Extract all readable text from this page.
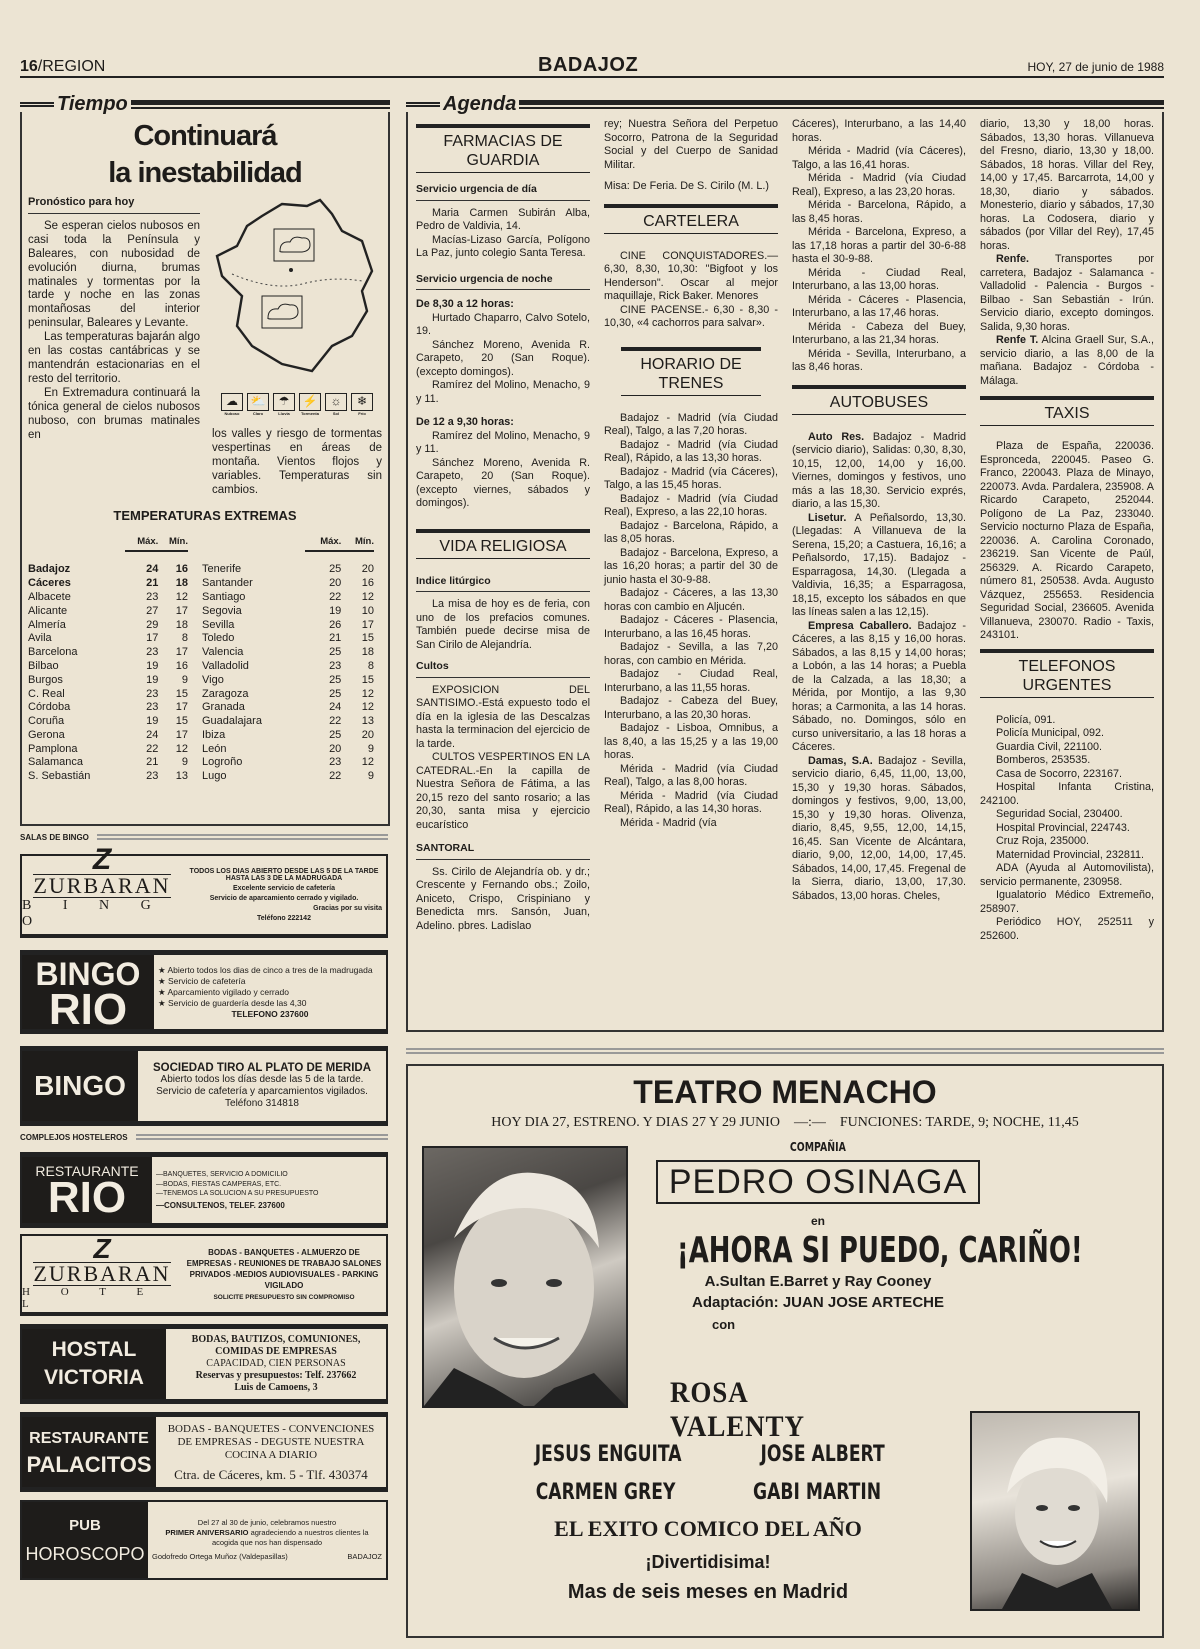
16/REGION	BADAJOZ	HOY, 27 de junio de 1988
Tiempo
Continuará
la inestabilidad
Pronóstico para hoy

Se esperan cielos nubosos en casi toda la Península y Baleares, con nubosidad de evolución diurna, brumas matinales y tormentas por la tarde y noche en las zonas montañosas del interior peninsular, Baleares y Levante.

Las temperaturas bajarán algo en las costas cantábricas y se mantendrán estacionarias en el resto del territorio.

En Extremadura continuará la tónica general de cielos nubosos nuboso, con brumas matinales en

☁	⛅	☂	⚡	☼	❄
Nuboso	Claro	Lluvia	Tormenta	Sol	Frío
los valles y riesgo de tormentas vespertinas en áreas de montaña. Vientos flojos y variables. Temperaturas sin cambios.
TEMPERATURAS EXTREMAS
	Máx.	Mín.

Badajoz	24	16
Cáceres	21	18
Albacete	23	12
Alicante	27	17
Almería	29	18
Avila	17	8
Barcelona	23	17
Bilbao	19	16
Burgos	19	9
C. Real	23	15
Córdoba	23	17
Coruña	19	15
Gerona	24	17
Pamplona	22	12
Salamanca	21	9
S. Sebastián	23	13
	Máx.	Mín.

Tenerife	25	20
Santander	20	16
Santiago	22	12
Segovia	19	10
Sevilla	26	17
Toledo	21	15
Valencia	25	18
Valladolid	23	8
Vigo	25	15
Zaragoza	25	12
Granada	24	12
Guadalajara	22	13
Ibiza	25	20
León	20	9
Logroño	23	12
Lugo	22	9
SALAS DE BINGO
Z
ZURBARAN
B I N G O
TODOS LOS DIAS ABIERTO DESDE LAS 5 DE LA TARDE HASTA LAS 3 DE LA MADRUGADA
Excelente servicio de cafetería
Servicio de aparcamiento cerrado y vigilado.
Gracias por su visita
Teléfono 222142
BINGO
RIO
★ Abierto todos los dias de cinco a tres de la madrugada
★ Servicio de cafetería
★ Aparcamiento vigilado y cerrado
★ Servicio de guardería desde las 4,30
TELEFONO 237600
BINGO
SOCIEDAD TIRO AL PLATO DE MERIDA
Abierto todos los días desde las 5 de la tarde.
Servicio de cafetería y aparcamientos vigilados. Teléfono 314818
COMPLEJOS HOSTELEROS
RESTAURANTE
RIO	—BANQUETES, SERVICIO A DOMICILIO
—BODAS, FIESTAS CAMPERAS, ETC.
—TENEMOS LA SOLUCION A SU PRESUPUESTO
—CONSULTENOS, TELEF. 237600
Z
ZURBARAN
H O T E L
BODAS - BANQUETES - ALMUERZO DE EMPRESAS - REUNIONES DE TRABAJO SALONES PRIVADOS -MEDIOS AUDIOVISUALES - PARKING VIGILADO
SOLICITE PRESUPUESTO SIN COMPROMISO
HOSTAL
VICTORIA
BODAS, BAUTIZOS, COMUNIONES, COMIDAS DE EMPRESAS
CAPACIDAD, CIEN PERSONAS
Reservas y presupuestos: Telf. 237662
Luis de Camoens, 3
RESTAURANTE
PALACITOS
BODAS - BANQUETES - CONVENCIONES DE EMPRESAS - DEGUSTE NUESTRA COCINA A DIARIO
Ctra. de Cáceres, km. 5 - Tlf. 430374
PUB
HOROSCOPO
Del 27 al 30 de junio, celebramos nuestro
PRIMER ANIVERSARIO agradeciendo a nuestros clientes la acogida que nos han dispensado
Godofredo Ortega Muñoz (Valdepasillas)	BADAJOZ
Agenda
FARMACIAS DE GUARDIA
Servicio urgencia de día

Maria Carmen Subirán Alba, Pedro de Valdivia, 14.

Macías-Lizaso García, Polígono La Paz, junto colegio Santa Teresa.

Servicio urgencia de noche
De 8,30 a 12 horas:

Hurtado Chaparro, Calvo Sotelo, 19.

Sánchez Moreno, Avenida R. Carapeto, 20 (San Roque). (excepto domingos).

Ramírez del Molino, Menacho, 9 y 11.

De 12 a 9,30 horas:

Ramírez del Molino, Menacho, 9 y 11.

Sánchez Moreno, Avenida R. Carapeto, 20 (San Roque). (excepto viernes, sábados y domingos).

VIDA RELIGIOSA
Indice litúrgico

La misa de hoy es de feria, con uno de los prefacios comunes. También puede decirse misa de San Cirilo de Alejandría.

Cultos

EXPOSICION DEL SANTISIMO.-Está expuesto todo el día en la iglesia de las Descalzas hasta la terminacion del ejercicio de la tarde.

CULTOS VESPERTINOS EN LA CATEDRAL.-En la capilla de Nuestra Señora de Fátima, a las 20,15 rezo del santo rosario; a las 20,30, santa misa y ejercicio eucarístico

SANTORAL

Ss. Cirilo de Alejandría ob. y dr.; Crescente y Fernando obs.; Zoilo, Aniceto, Crispo, Crispiniano y Benedicta mrs. Sansón, Juan, Adelino. pbres. Ladislao

rey; Nuestra Señora del Perpetuo Socorro, Patrona de la Seguridad Social y del Cuerpo de Sanidad Militar.
Misa: De Feria. De S. Cirilo (M. L.)
CARTELERA

CINE CONQUISTADORES.— 6,30, 8,30, 10,30: "Bigfoot y los Henderson". Oscar al mejor maquillaje, Rick Baker. Menores

CINE PACENSE.- 6,30 - 8,30 - 10,30, «4 cachorros para salvar».

HORARIO DE TRENES

Badajoz - Madrid (vía Ciudad Real), Talgo, a las 7,20 horas.

Badajoz - Madrid (vía Ciudad Real), Rápido, a las 13,30 horas.

Badajoz - Madrid (vía Cáceres), Talgo, a las 15,45 horas.

Badajoz - Madrid (vía Ciudad Real), Expreso, a las 22,10 horas.

Badajoz - Barcelona, Rápido, a las 8,05 horas.

Badajoz - Barcelona, Expreso, a las 16,20 horas; a partir del 30 de junio hasta el 30-9-88.

Badajoz - Cáceres, a las 13,30 horas con cambio en Aljucén.

Badajoz - Cáceres - Plasencia, Interurbano, a las 16,45 horas.

Badajoz - Sevilla, a las 7,20 horas, con cambio en Mérida.

Badajoz - Ciudad Real, Interurbano, a las 11,55 horas.

Badajoz - Cabeza del Buey, Interurbano, a las 20,30 horas.

Badajoz - Lisboa, Omnibus, a las 8,40, a las 15,25 y a las 19,00 horas.

Mérida - Madrid (vía Ciudad Real), Talgo, a las 8,00 horas.

Mérida - Madrid (vía Ciudad Real), Rápido, a las 14,30 horas.

Mérida - Madrid (vía

Cáceres), Interurbano, a las 14,40 horas.

Mérida - Madrid (vía Cáceres), Talgo, a las 16,41 horas.

Mérida - Madrid (vía Ciudad Real), Expreso, a las 23,20 horas.

Mérida - Barcelona, Rápido, a las 8,45 horas.

Mérida - Barcelona, Expreso, a las 17,18 horas a partir del 30-6-88 hasta el 30-9-88.

Mérida - Ciudad Real, Interurbano, a las 13,00 horas.

Mérida - Cáceres - Plasencia, Interurbano, a las 17,46 horas.

Mérida - Cabeza del Buey, Interurbano, a las 21,34 horas.

Mérida - Sevilla, Interurbano, a las 8,46 horas.

AUTOBUSES

Auto Res. Badajoz - Madrid (servicio diario), Salidas: 0,30, 8,30, 10,15, 12,00, 14,00 y 16,00. Viernes, domingos y festivos, uno más a las 18,30. Servicio exprés, diario, a las 15,30.

Lisetur. A Peñalsordo, 13,30. (Llegadas: A Villanueva de la Serena, 15,20; a Castuera, 16,16; a Peñalsordo, 17,15). Badajoz - Esparragosa, 14,30. (Llegada a Valdivia, 16,35; a Esparragosa, 18,15, excepto los sábados en que las líneas salen a las 12,15).

Empresa Caballero. Badajoz - Cáceres, a las 8,15 y 16,00 horas. Sábados, a las 8,15 y 14,00 horas; a Lobón, a las 14 horas; a Puebla de la Calzada, a las 18,30; a Mérida, por Montijo, a las 9,30 horas; a Carmonita, a las 14 horas. Sábado, no. Domingos, sólo en curso universitario, a las 18 horas a Cáceres.

Damas, S.A. Badajoz - Sevilla, servicio diario, 6,45, 11,00, 13,00, 15,30 y 19,30 horas. Sábados, domingos y festivos, 9,00, 13,00, 15,30 y 19,30 horas. Olivenza, diario, 8,45, 9,55, 12,00, 14,15, 16,45. San Vicente de Alcántara, diario, 9,00, 12,00, 14,00, 17,45. Sábados, 14,00, 17,45. Fregenal de la Sierra, diario, 13,00, 17,30. Sábados, 13,00 horas. Cheles,

diario, 13,30 y 18,00 horas. Sábados, 13,30 horas. Villanueva del Fresno, diario, 13,30 y 18,00. Sábados, 18 horas. Villar del Rey, 14,00 y 17,45. Barcarrota, 14,00 y 18,30, diario y sábados. Monesterio, diario y sábados, 17,30 horas. La Codosera, diario y sábados (por Villar del Rey), 17,45 horas.

Renfe. Transportes por carretera, Badajoz - Salamanca - Valladolid - Palencia - Burgos - Bilbao - San Sebastián - Irún. Servicio diario, excepto domingos. Salida, 9,30 horas.

Renfe T. Alcina Graell Sur, S.A., servicio diario, a las 8,00 de la mañana. Badajoz - Córdoba - Málaga.

TAXIS

Plaza de España, 220036. Espronceda, 220045. Paseo G. Franco, 220043. Plaza de Minayo, 220073. Avda. Pardalera, 235908. A Ricardo Carapeto, 252044. Polígono de La Paz, 233040. Servicio nocturno Plaza de España, 220036. A. Carolina Coronado, 236219. San Vicente de Paúl, 256329. A. Ricardo Carapeto, número 81, 250538. Avda. Augusto Vázquez, 255653. Residencia Seguridad Social, 236605. Avenida Villanueva, 230070. Radio - Taxis, 243101.

TELEFONOS URGENTES

Policía, 091.

Policía Municipal, 092.

Guardia Civil, 221100.

Bomberos, 253535.

Casa de Socorro, 223167.

Hospital Infanta Cristina, 242100.

Seguridad Social, 230400.

Hospital Provincial, 224743.

Cruz Roja, 235000.

Maternidad Provincial, 232811.

ADA (Ayuda al Automovilista), servicio permanente, 230958.

Igualatorio Médico Extremeño, 258907.

Periódico HOY, 252511 y 252600.

TEATRO MENACHO
HOY DIA 27, ESTRENO. Y DIAS 27 Y 29 JUNIO —:— FUNCIONES: TARDE, 9; NOCHE, 11,45
COMPAÑIA
PEDRO OSINAGA
en
¡AHORA SI PUEDO, CARIÑO!
A.Sultan E.Barret y Ray Cooney
Adaptación: JUAN JOSE ARTECHE
con
ROSA VALENTY
JESUS ENGUITA	JOSE ALBERT
CARMEN GREY	GABI MARTIN
EL EXITO COMICO DEL AÑO
¡Divertidisima!
Mas de seis meses en Madrid
